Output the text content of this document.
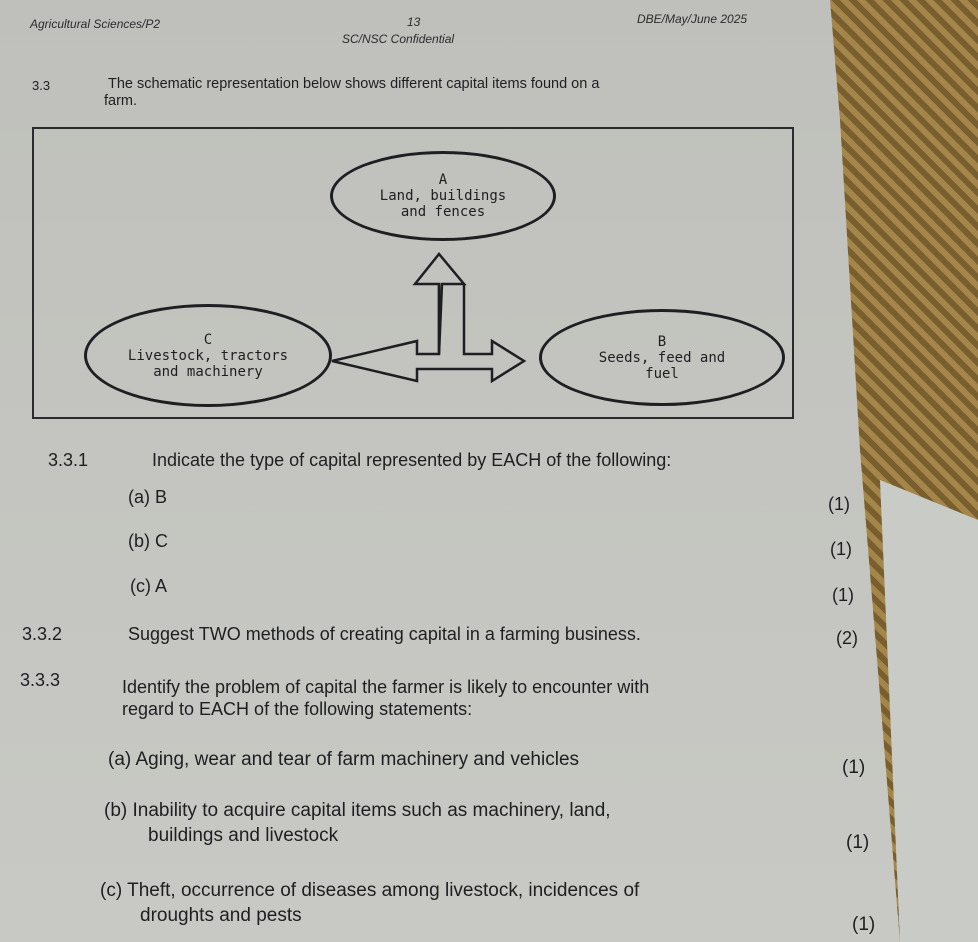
Agricultural Sciences/P2	13
SC/NSC Confidential
DBE/May/June 2025
3.3	The schematic representation below shows different capital items found on a
farm.
A
Land, buildings
and fences
C
Livestock, tractors
and machinery
B
Seeds, feed and
fuel
3.3.1	Indicate the type of capital represented by EACH of the following:
(a) B	(1)
(b) C	(1)
(c) A	(1)
3.3.2	Suggest TWO methods of creating capital in a farming business.	(2)
3.3.3	Identify the problem of capital the farmer is likely to encounter with
regard to EACH of the following statements:
(a) Aging, wear and tear of farm machinery and vehicles	(1)
(b) Inability to acquire capital items such as machinery, land,
buildings and livestock	(1)
(c) Theft, occurrence of diseases among livestock, incidences of
droughts and pests	(1)
